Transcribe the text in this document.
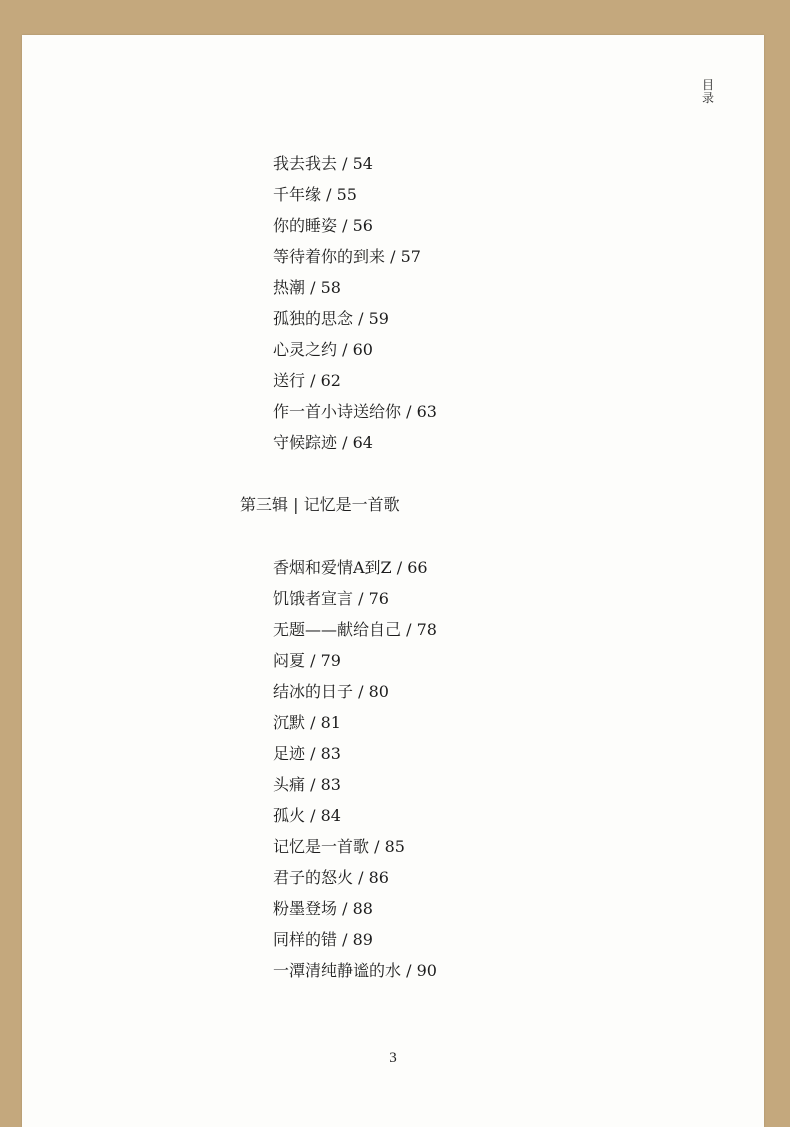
目录
我去我去 / 54
千年缘 / 55
你的睡姿 / 56
等待着你的到来 / 57
热潮 / 58
孤独的思念 / 59
心灵之约 / 60
送行 / 62
作一首小诗送给你 / 63
守候踪迹 / 64
第三辑 | 记忆是一首歌
香烟和爱情A到Z / 66
饥饿者宣言 / 76
无题——献给自己 / 78
闷夏 / 79
结冰的日子 / 80
沉默 / 81
足迹 / 83
头痛 / 83
孤火 / 84
记忆是一首歌 / 85
君子的怒火 / 86
粉墨登场 / 88
同样的错 / 89
一潭清纯静谧的水 / 90
3
